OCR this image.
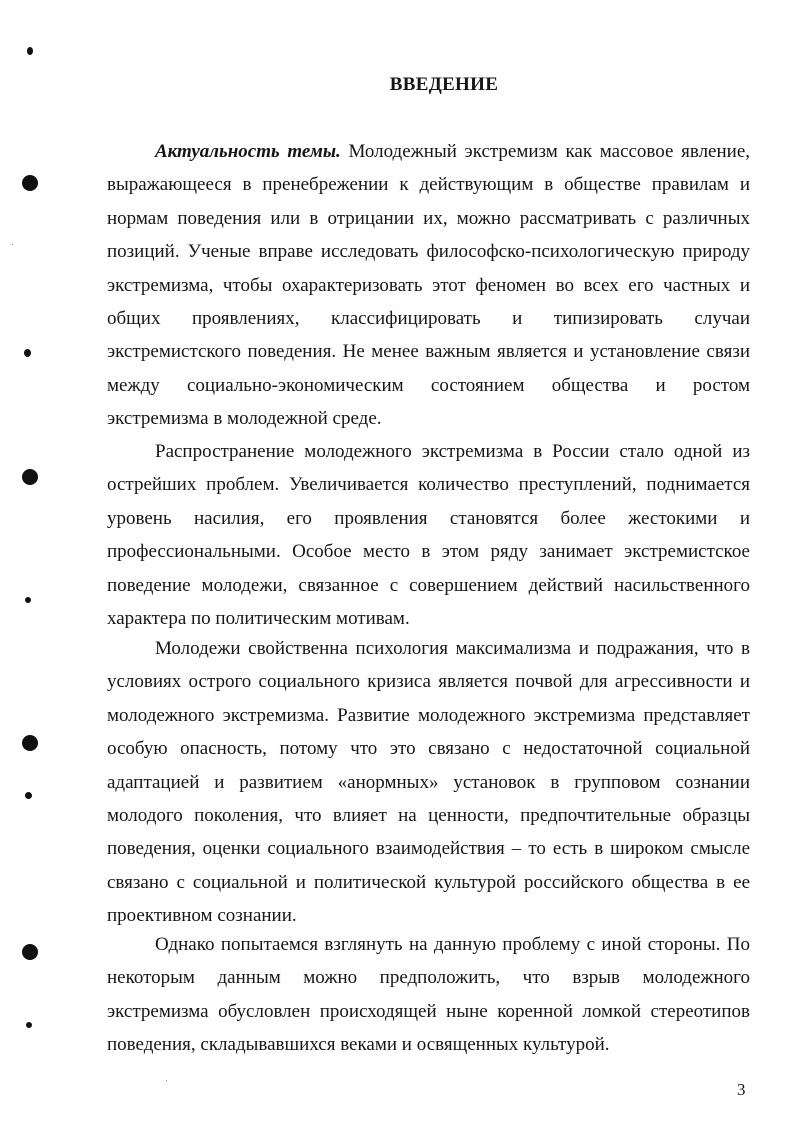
ВВЕДЕНИЕ
Актуальность темы. Молодежный экстремизм как массовое явление,
выражающееся в пренебрежении к действующим в обществе правилам и
нормам поведения или в отрицании их, можно рассматривать с различных
позиций. Ученые вправе исследовать философско-психологическую природу
экстремизма, чтобы охарактеризовать этот феномен во всех его частных и
общих проявлениях, классифицировать и типизировать случаи
экстремистского поведения. Не менее важным является и установление связи
между социально-экономическим состоянием общества и ростом
экстремизма в молодежной среде.
Распространение молодежного экстремизма в России стало одной из
острейших проблем. Увеличивается количество преступлений, поднимается
уровень насилия, его проявления становятся более жестокими и
профессиональными. Особое место в этом ряду занимает экстремистское
поведение молодежи, связанное с совершением действий насильственного
характера по политическим мотивам.
Молодежи свойственна психология максимализма и подражания, что в
условиях острого социального кризиса является почвой для агрессивности и
молодежного экстремизма. Развитие молодежного экстремизма представляет
особую опасность, потому что это связано с недостаточной социальной
адаптацией и развитием «анормных» установок в групповом сознании
молодого поколения, что влияет на ценности, предпочтительные образцы
поведения, оценки социального взаимодействия – то есть в широком смысле
связано с социальной и политической культурой российского общества в ее
проективном сознании.
Однако попытаемся взглянуть на данную проблему с иной стороны. По
некоторым данным можно предположить, что взрыв молодежного
экстремизма обусловлен происходящей ныне коренной ломкой стереотипов
поведения, складывавшихся веками и освященных культурой.
3
